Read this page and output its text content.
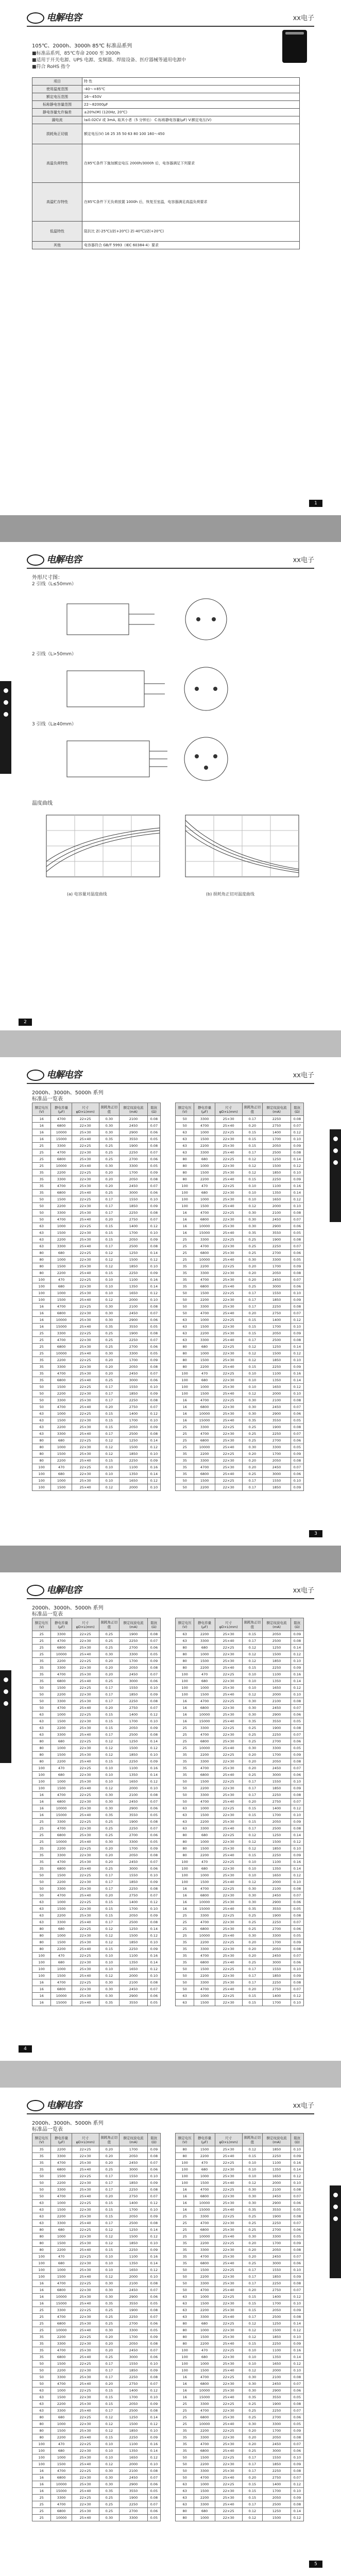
电解电容	xx电子
105℃、2000h、3000h 85℃ 标准品系列
■标准品系列，85℃寿命 2000 至 3000h
■适用于开关电源、UPS 电源、变频器、焊接设备、医疗器械等通用电源中
■符合 RoHS 指令
项目	特 性
使用温度范围	-40～+85℃
额定电压范围	16～450V
标称静电容量范围	22～82000μF
静电容量允许偏差	±20%(M) (120Hz, 20℃)
漏电流	I≤0.02CV 或 3mA, 取其小者（5 分钟后） C:标称静电容量(μF) V:额定电压(V)
损耗角正切值	额定电压(V) 16 25 35 50 63 80 100 160～450
高温负荷特性	在85℃条件下施加额定电压 2000h/3000h 后，电容器满足下列要求
高温贮存特性	在85℃条件下无负荷放置 1000h 后，恢复至室温，电容器满足高温负荷要求
低温特性	阻抗比 Z(-25℃)/Z(+20℃) Z(-40℃)/Z(+20℃)
其他	电容器符合 GB/T 5993（IEC 60384-4）要求
1
电解电容	xx电子
外形尺寸图：
2 引线（L≤50mm）
2 引线（L>50mm）
3 引线（L≥40mm）
温度曲线
(a) 电容量对温度曲线	(b) 损耗角正切对温度曲线
2
电解电容	xx电子
2000h、3000h、5000h 系列
标准品一览表
额定电压(V)	静电容量(μF)	尺寸 φD×L(mm)	损耗角正切值	额定纹波电流(mA)	阻抗(Ω)
16	4700	22×25	0.30	2100	0.08
16	6800	22×30	0.30	2450	0.07
16	10000	25×30	0.30	2900	0.06
16	15000	25×40	0.35	3550	0.05
25	3300	22×25	0.25	1900	0.08
25	4700	22×30	0.25	2250	0.07
25	6800	25×30	0.25	2700	0.06
25	10000	25×40	0.30	3300	0.05
35	2200	22×25	0.20	1700	0.09
35	3300	22×30	0.20	2050	0.08
35	4700	25×30	0.20	2450	0.07
35	6800	25×40	0.25	3000	0.06
50	1500	22×25	0.17	1550	0.10
50	2200	22×30	0.17	1850	0.09
50	3300	25×30	0.17	2250	0.08
50	4700	25×40	0.20	2750	0.07
63	1000	22×25	0.15	1400	0.12
63	1500	22×30	0.15	1700	0.10
63	2200	25×30	0.15	2050	0.09
63	3300	25×40	0.17	2500	0.08
80	680	22×25	0.12	1250	0.14
80	1000	22×30	0.12	1500	0.12
80	1500	25×30	0.12	1850	0.10
80	2200	25×40	0.15	2250	0.09
100	470	22×25	0.10	1100	0.16
100	680	22×30	0.10	1350	0.14
100	1000	25×30	0.10	1650	0.12
100	1500	25×40	0.12	2000	0.10
16	4700	22×25	0.30	2100	0.08
16	6800	22×30	0.30	2450	0.07
16	10000	25×30	0.30	2900	0.06
16	15000	25×40	0.35	3550	0.05
25	3300	22×25	0.25	1900	0.08
25	4700	22×30	0.25	2250	0.07
25	6800	25×30	0.25	2700	0.06
25	10000	25×40	0.30	3300	0.05
35	2200	22×25	0.20	1700	0.09
35	3300	22×30	0.20	2050	0.08
35	4700	25×30	0.20	2450	0.07
35	6800	25×40	0.25	3000	0.06
50	1500	22×25	0.17	1550	0.10
50	2200	22×30	0.17	1850	0.09
50	3300	25×30	0.17	2250	0.08
50	4700	25×40	0.20	2750	0.07
63	1000	22×25	0.15	1400	0.12
63	1500	22×30	0.15	1700	0.10
63	2200	25×30	0.15	2050	0.09
63	3300	25×40	0.17	2500	0.08
80	680	22×25	0.12	1250	0.14
80	1000	22×30	0.12	1500	0.12
80	1500	25×30	0.12	1850	0.10
80	2200	25×40	0.15	2250	0.09
100	470	22×25	0.10	1100	0.16
100	680	22×30	0.10	1350	0.14
100	1000	25×30	0.10	1650	0.12
100	1500	25×40	0.12	2000	0.10
额定电压(V)	静电容量(μF)	尺寸 φD×L(mm)	损耗角正切值	额定纹波电流(mA)	阻抗(Ω)
50	3300	25×30	0.17	2250	0.08
50	4700	25×40	0.20	2750	0.07
63	1000	22×25	0.15	1400	0.12
63	1500	22×30	0.15	1700	0.10
63	2200	25×30	0.15	2050	0.09
63	3300	25×40	0.17	2500	0.08
80	680	22×25	0.12	1250	0.14
80	1000	22×30	0.12	1500	0.12
80	1500	25×30	0.12	1850	0.10
80	2200	25×40	0.15	2250	0.09
100	470	22×25	0.10	1100	0.16
100	680	22×30	0.10	1350	0.14
100	1000	25×30	0.10	1650	0.12
100	1500	25×40	0.12	2000	0.10
16	4700	22×25	0.30	2100	0.08
16	6800	22×30	0.30	2450	0.07
16	10000	25×30	0.30	2900	0.06
16	15000	25×40	0.35	3550	0.05
25	3300	22×25	0.25	1900	0.08
25	4700	22×30	0.25	2250	0.07
25	6800	25×30	0.25	2700	0.06
25	10000	25×40	0.30	3300	0.05
35	2200	22×25	0.20	1700	0.09
35	3300	22×30	0.20	2050	0.08
35	4700	25×30	0.20	2450	0.07
35	6800	25×40	0.25	3000	0.06
50	1500	22×25	0.17	1550	0.10
50	2200	22×30	0.17	1850	0.09
50	3300	25×30	0.17	2250	0.08
50	4700	25×40	0.20	2750	0.07
63	1000	22×25	0.15	1400	0.12
63	1500	22×30	0.15	1700	0.10
63	2200	25×30	0.15	2050	0.09
63	3300	25×40	0.17	2500	0.08
80	680	22×25	0.12	1250	0.14
80	1000	22×30	0.12	1500	0.12
80	1500	25×30	0.12	1850	0.10
80	2200	25×40	0.15	2250	0.09
100	470	22×25	0.10	1100	0.16
100	680	22×30	0.10	1350	0.14
100	1000	25×30	0.10	1650	0.12
100	1500	25×40	0.12	2000	0.10
16	4700	22×25	0.30	2100	0.08
16	6800	22×30	0.30	2450	0.07
16	10000	25×30	0.30	2900	0.06
16	15000	25×40	0.35	3550	0.05
25	3300	22×25	0.25	1900	0.08
25	4700	22×30	0.25	2250	0.07
25	6800	25×30	0.25	2700	0.06
25	10000	25×40	0.30	3300	0.05
35	2200	22×25	0.20	1700	0.09
35	3300	22×30	0.20	2050	0.08
35	4700	25×30	0.20	2450	0.07
35	6800	25×40	0.25	3000	0.06
50	1500	22×25	0.17	1550	0.10
50	2200	22×30	0.17	1850	0.09
3
电解电容	xx电子
2000h、3000h、5000h 系列
标准品一览表
额定电压(V)	静电容量(μF)	尺寸 φD×L(mm)	损耗角正切值	额定纹波电流(mA)	阻抗(Ω)
25	3300	22×25	0.25	1900	0.08
25	4700	22×30	0.25	2250	0.07
25	6800	25×30	0.25	2700	0.06
25	10000	25×40	0.30	3300	0.05
35	2200	22×25	0.20	1700	0.09
35	3300	22×30	0.20	2050	0.08
35	4700	25×30	0.20	2450	0.07
35	6800	25×40	0.25	3000	0.06
50	1500	22×25	0.17	1550	0.10
50	2200	22×30	0.17	1850	0.09
50	3300	25×30	0.17	2250	0.08
50	4700	25×40	0.20	2750	0.07
63	1000	22×25	0.15	1400	0.12
63	1500	22×30	0.15	1700	0.10
63	2200	25×30	0.15	2050	0.09
63	3300	25×40	0.17	2500	0.08
80	680	22×25	0.12	1250	0.14
80	1000	22×30	0.12	1500	0.12
80	1500	25×30	0.12	1850	0.10
80	2200	25×40	0.15	2250	0.09
100	470	22×25	0.10	1100	0.16
100	680	22×30	0.10	1350	0.14
100	1000	25×30	0.10	1650	0.12
100	1500	25×40	0.12	2000	0.10
16	4700	22×25	0.30	2100	0.08
16	6800	22×30	0.30	2450	0.07
16	10000	25×30	0.30	2900	0.06
16	15000	25×40	0.35	3550	0.05
25	3300	22×25	0.25	1900	0.08
25	4700	22×30	0.25	2250	0.07
25	6800	25×30	0.25	2700	0.06
25	10000	25×40	0.30	3300	0.05
35	2200	22×25	0.20	1700	0.09
35	3300	22×30	0.20	2050	0.08
35	4700	25×30	0.20	2450	0.07
35	6800	25×40	0.25	3000	0.06
50	1500	22×25	0.17	1550	0.10
50	2200	22×30	0.17	1850	0.09
50	3300	25×30	0.17	2250	0.08
50	4700	25×40	0.20	2750	0.07
63	1000	22×25	0.15	1400	0.12
63	1500	22×30	0.15	1700	0.10
63	2200	25×30	0.15	2050	0.09
63	3300	25×40	0.17	2500	0.08
80	680	22×25	0.12	1250	0.14
80	1000	22×30	0.12	1500	0.12
80	1500	25×30	0.12	1850	0.10
80	2200	25×40	0.15	2250	0.09
100	470	22×25	0.10	1100	0.16
100	680	22×30	0.10	1350	0.14
100	1000	25×30	0.10	1650	0.12
100	1500	25×40	0.12	2000	0.10
16	4700	22×25	0.30	2100	0.08
16	6800	22×30	0.30	2450	0.07
16	10000	25×30	0.30	2900	0.06
16	15000	25×40	0.35	3550	0.05
额定电压(V)	静电容量(μF)	尺寸 φD×L(mm)	损耗角正切值	额定纹波电流(mA)	阻抗(Ω)
63	2200	25×30	0.15	2050	0.09
63	3300	25×40	0.17	2500	0.08
80	680	22×25	0.12	1250	0.14
80	1000	22×30	0.12	1500	0.12
80	1500	25×30	0.12	1850	0.10
80	2200	25×40	0.15	2250	0.09
100	470	22×25	0.10	1100	0.16
100	680	22×30	0.10	1350	0.14
100	1000	25×30	0.10	1650	0.12
100	1500	25×40	0.12	2000	0.10
16	4700	22×25	0.30	2100	0.08
16	6800	22×30	0.30	2450	0.07
16	10000	25×30	0.30	2900	0.06
16	15000	25×40	0.35	3550	0.05
25	3300	22×25	0.25	1900	0.08
25	4700	22×30	0.25	2250	0.07
25	6800	25×30	0.25	2700	0.06
25	10000	25×40	0.30	3300	0.05
35	2200	22×25	0.20	1700	0.09
35	3300	22×30	0.20	2050	0.08
35	4700	25×30	0.20	2450	0.07
35	6800	25×40	0.25	3000	0.06
50	1500	22×25	0.17	1550	0.10
50	2200	22×30	0.17	1850	0.09
50	3300	25×30	0.17	2250	0.08
50	4700	25×40	0.20	2750	0.07
63	1000	22×25	0.15	1400	0.12
63	1500	22×30	0.15	1700	0.10
63	2200	25×30	0.15	2050	0.09
63	3300	25×40	0.17	2500	0.08
80	680	22×25	0.12	1250	0.14
80	1000	22×30	0.12	1500	0.12
80	1500	25×30	0.12	1850	0.10
80	2200	25×40	0.15	2250	0.09
100	470	22×25	0.10	1100	0.16
100	680	22×30	0.10	1350	0.14
100	1000	25×30	0.10	1650	0.12
100	1500	25×40	0.12	2000	0.10
16	4700	22×25	0.30	2100	0.08
16	6800	22×30	0.30	2450	0.07
16	10000	25×30	0.30	2900	0.06
16	15000	25×40	0.35	3550	0.05
25	3300	22×25	0.25	1900	0.08
25	4700	22×30	0.25	2250	0.07
25	6800	25×30	0.25	2700	0.06
25	10000	25×40	0.30	3300	0.05
35	2200	22×25	0.20	1700	0.09
35	3300	22×30	0.20	2050	0.08
35	4700	25×30	0.20	2450	0.07
35	6800	25×40	0.25	3000	0.06
50	1500	22×25	0.17	1550	0.10
50	2200	22×30	0.17	1850	0.09
50	3300	25×30	0.17	2250	0.08
50	4700	25×40	0.20	2750	0.07
63	1000	22×25	0.15	1400	0.12
63	1500	22×30	0.15	1700	0.10
4
电解电容	xx电子
2000h、3000h、5000h 系列
标准品一览表
额定电压(V)	静电容量(μF)	尺寸 φD×L(mm)	损耗角正切值	额定纹波电流(mA)	阻抗(Ω)
35	2200	22×25	0.20	1700	0.09
35	3300	22×30	0.20	2050	0.08
35	4700	25×30	0.20	2450	0.07
35	6800	25×40	0.25	3000	0.06
50	1500	22×25	0.17	1550	0.10
50	2200	22×30	0.17	1850	0.09
50	3300	25×30	0.17	2250	0.08
50	4700	25×40	0.20	2750	0.07
63	1000	22×25	0.15	1400	0.12
63	1500	22×30	0.15	1700	0.10
63	2200	25×30	0.15	2050	0.09
63	3300	25×40	0.17	2500	0.08
80	680	22×25	0.12	1250	0.14
80	1000	22×30	0.12	1500	0.12
80	1500	25×30	0.12	1850	0.10
80	2200	25×40	0.15	2250	0.09
100	470	22×25	0.10	1100	0.16
100	680	22×30	0.10	1350	0.14
100	1000	25×30	0.10	1650	0.12
100	1500	25×40	0.12	2000	0.10
16	4700	22×25	0.30	2100	0.08
16	6800	22×30	0.30	2450	0.07
16	10000	25×30	0.30	2900	0.06
16	15000	25×40	0.35	3550	0.05
25	3300	22×25	0.25	1900	0.08
25	4700	22×30	0.25	2250	0.07
25	6800	25×30	0.25	2700	0.06
25	10000	25×40	0.30	3300	0.05
35	2200	22×25	0.20	1700	0.09
35	3300	22×30	0.20	2050	0.08
35	4700	25×30	0.20	2450	0.07
35	6800	25×40	0.25	3000	0.06
50	1500	22×25	0.17	1550	0.10
50	2200	22×30	0.17	1850	0.09
50	3300	25×30	0.17	2250	0.08
50	4700	25×40	0.20	2750	0.07
63	1000	22×25	0.15	1400	0.12
63	1500	22×30	0.15	1700	0.10
63	2200	25×30	0.15	2050	0.09
63	3300	25×40	0.17	2500	0.08
80	680	22×25	0.12	1250	0.14
80	1000	22×30	0.12	1500	0.12
80	1500	25×30	0.12	1850	0.10
80	2200	25×40	0.15	2250	0.09
100	470	22×25	0.10	1100	0.16
100	680	22×30	0.10	1350	0.14
100	1000	25×30	0.10	1650	0.12
100	1500	25×40	0.12	2000	0.10
16	4700	22×25	0.30	2100	0.08
16	6800	22×30	0.30	2450	0.07
16	10000	25×30	0.30	2900	0.06
16	15000	25×40	0.35	3550	0.05
25	3300	22×25	0.25	1900	0.08
25	4700	22×30	0.25	2250	0.07
25	6800	25×30	0.25	2700	0.06
25	10000	25×40	0.30	3300	0.05
额定电压(V)	静电容量(μF)	尺寸 φD×L(mm)	损耗角正切值	额定纹波电流(mA)	阻抗(Ω)
80	1500	25×30	0.12	1850	0.10
80	2200	25×40	0.15	2250	0.09
100	470	22×25	0.10	1100	0.16
100	680	22×30	0.10	1350	0.14
100	1000	25×30	0.10	1650	0.12
100	1500	25×40	0.12	2000	0.10
16	4700	22×25	0.30	2100	0.08
16	6800	22×30	0.30	2450	0.07
16	10000	25×30	0.30	2900	0.06
16	15000	25×40	0.35	3550	0.05
25	3300	22×25	0.25	1900	0.08
25	4700	22×30	0.25	2250	0.07
25	6800	25×30	0.25	2700	0.06
25	10000	25×40	0.30	3300	0.05
35	2200	22×25	0.20	1700	0.09
35	3300	22×30	0.20	2050	0.08
35	4700	25×30	0.20	2450	0.07
35	6800	25×40	0.25	3000	0.06
50	1500	22×25	0.17	1550	0.10
50	2200	22×30	0.17	1850	0.09
50	3300	25×30	0.17	2250	0.08
50	4700	25×40	0.20	2750	0.07
63	1000	22×25	0.15	1400	0.12
63	1500	22×30	0.15	1700	0.10
63	2200	25×30	0.15	2050	0.09
63	3300	25×40	0.17	2500	0.08
80	680	22×25	0.12	1250	0.14
80	1000	22×30	0.12	1500	0.12
80	1500	25×30	0.12	1850	0.10
80	2200	25×40	0.15	2250	0.09
100	470	22×25	0.10	1100	0.16
100	680	22×30	0.10	1350	0.14
100	1000	25×30	0.10	1650	0.12
100	1500	25×40	0.12	2000	0.10
16	4700	22×25	0.30	2100	0.08
16	6800	22×30	0.30	2450	0.07
16	10000	25×30	0.30	2900	0.06
16	15000	25×40	0.35	3550	0.05
25	3300	22×25	0.25	1900	0.08
25	4700	22×30	0.25	2250	0.07
25	6800	25×30	0.25	2700	0.06
25	10000	25×40	0.30	3300	0.05
35	2200	22×25	0.20	1700	0.09
35	3300	22×30	0.20	2050	0.08
35	4700	25×30	0.20	2450	0.07
35	6800	25×40	0.25	3000	0.06
50	1500	22×25	0.17	1550	0.10
50	2200	22×30	0.17	1850	0.09
50	3300	25×30	0.17	2250	0.08
50	4700	25×40	0.20	2750	0.07
63	1000	22×25	0.15	1400	0.12
63	1500	22×30	0.15	1700	0.10
63	2200	25×30	0.15	2050	0.09
63	3300	25×40	0.17	2500	0.08
80	680	22×25	0.12	1250	0.14
80	1000	22×30	0.12	1500	0.12
5
